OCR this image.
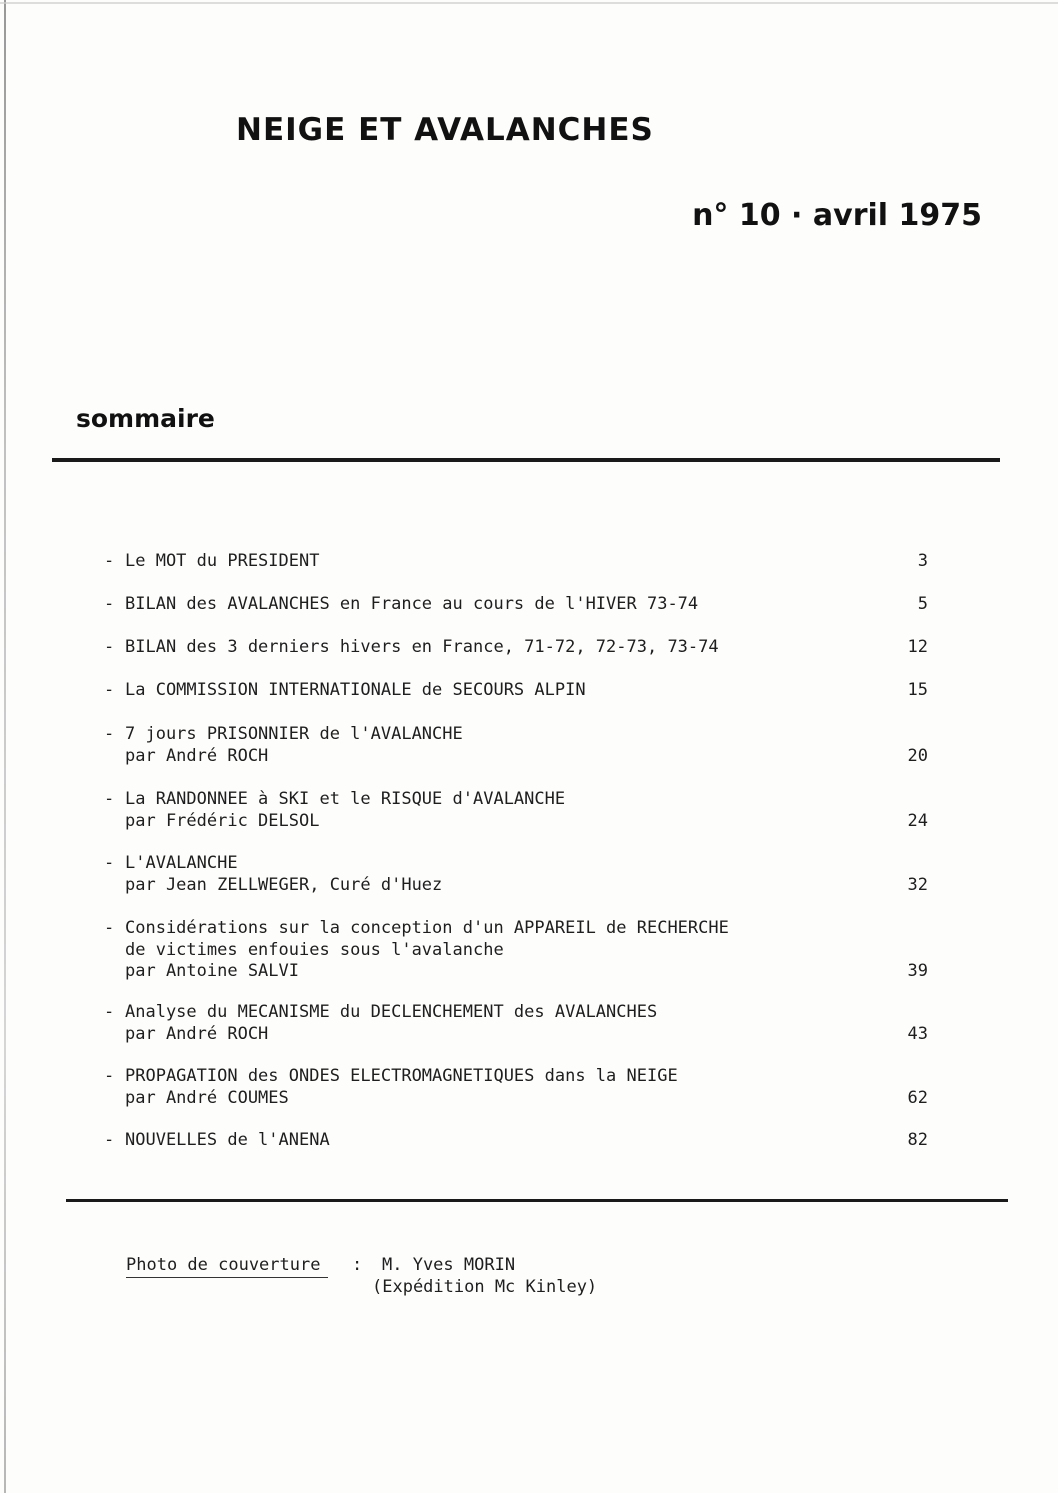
NEIGE ET AVALANCHES
n° 10 · avril 1975
sommaire
- Le MOT du PRESIDENT	3
- BILAN des AVALANCHES en France au cours de l'HIVER 73-74	5
- BILAN des 3 derniers hivers en France, 71-72, 72-73, 73-74	12
- La COMMISSION INTERNATIONALE de SECOURS ALPIN	15
- 7 jours PRISONNIER de l'AVALANCHE
par André ROCH	20
- La RANDONNEE à SKI et le RISQUE d'AVALANCHE
par Frédéric DELSOL	24
- L'AVALANCHE
par Jean ZELLWEGER, Curé d'Huez	32
- Considérations sur la conception d'un APPAREIL de RECHERCHE
de victimes enfouies sous l'avalanche
par Antoine SALVI	39
- Analyse du MECANISME du DECLENCHEMENT des AVALANCHES
par André ROCH	43
- PROPAGATION des ONDES ELECTROMAGNETIQUES dans la NEIGE
par André COUMES	62
- NOUVELLES de l'ANENA	82
Photo de couverture : M. Yves MORIN
(Expédition Mc Kinley)
